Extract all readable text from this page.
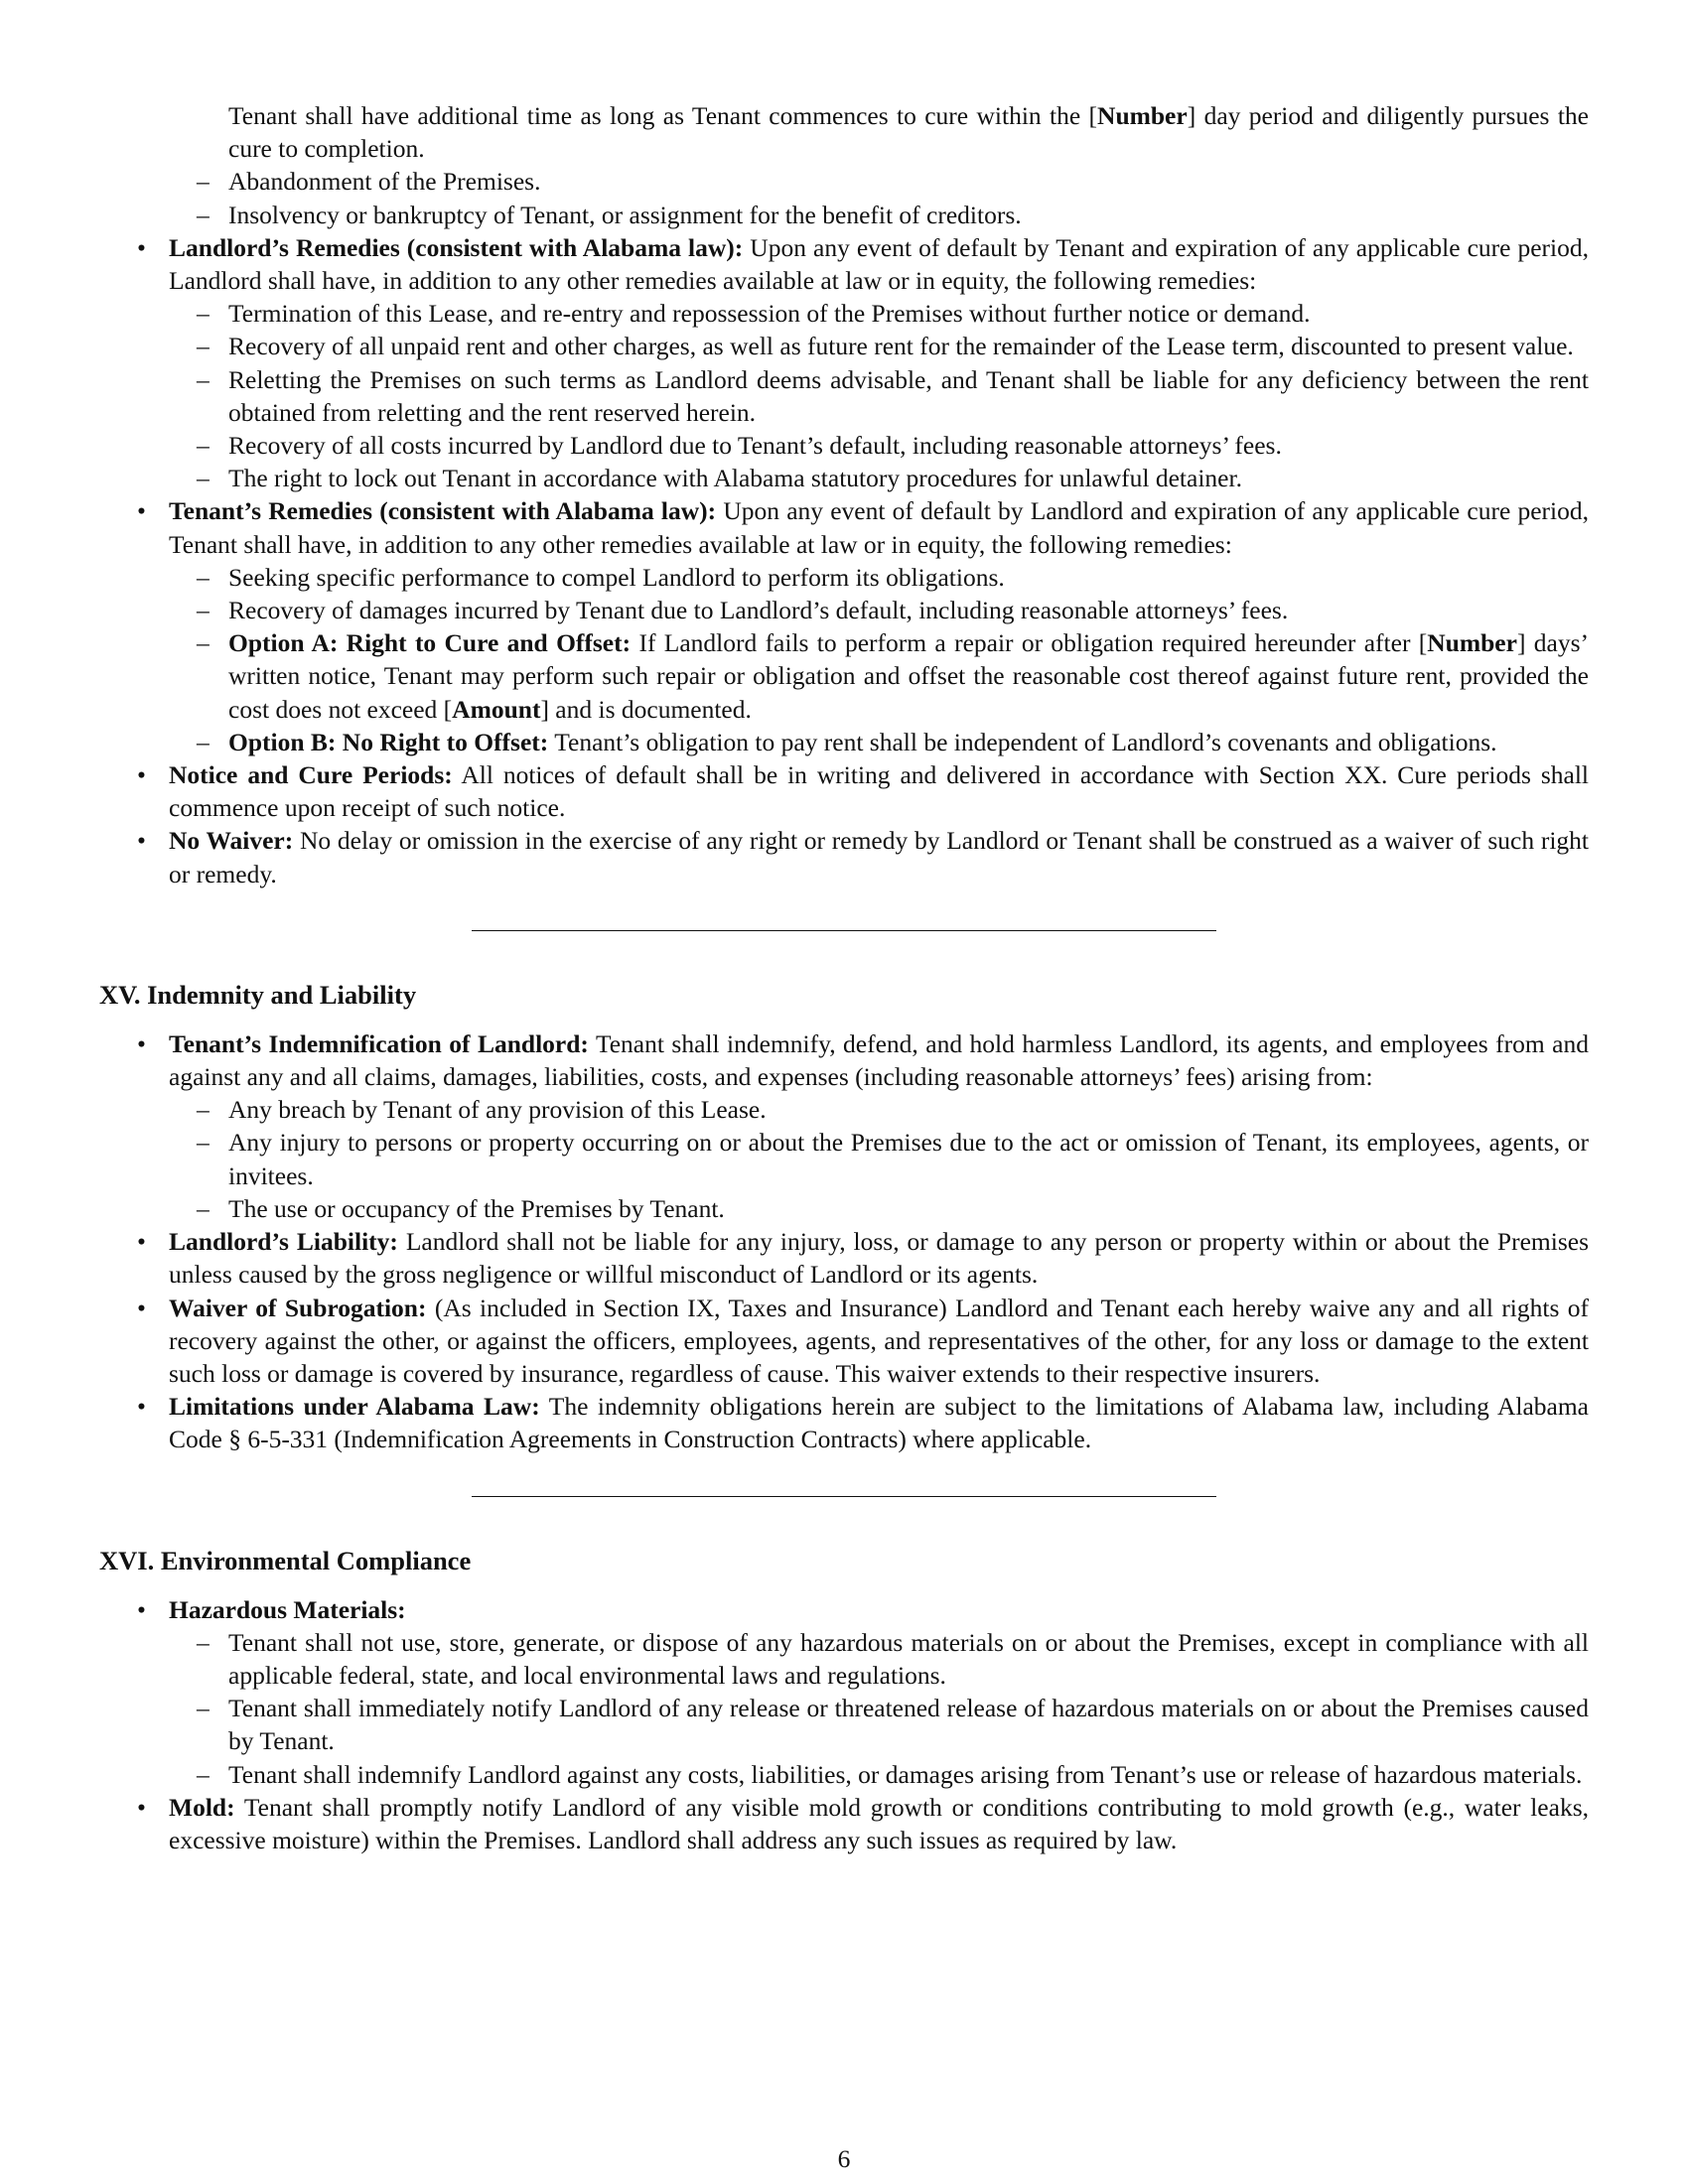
Tenant shall have additional time as long as Tenant commences to cure within the [Number] day period and diligently pursues the cure to completion.

– Abandonment of the Premises.
– Insolvency or bankruptcy of Tenant, or assignment for the benefit of creditors.
• Landlord’s Remedies (consistent with Alabama law): Upon any event of default by Tenant and expiration of any applicable cure period, Landlord shall have, in addition to any other remedies available at law or in equity, the following remedies:
– Termination of this Lease, and re-entry and repossession of the Premises without further notice or demand.
– Recovery of all unpaid rent and other charges, as well as future rent for the remainder of the Lease term, discounted to present value.
– Reletting the Premises on such terms as Landlord deems advisable, and Tenant shall be liable for any deficiency between the rent obtained from reletting and the rent reserved herein.
– Recovery of all costs incurred by Landlord due to Tenant’s default, including reasonable attorneys’ fees.
– The right to lock out Tenant in accordance with Alabama statutory procedures for unlawful detainer.
• Tenant’s Remedies (consistent with Alabama law): Upon any event of default by Landlord and expiration of any applicable cure period, Tenant shall have, in addition to any other remedies available at law or in equity, the following remedies:
– Seeking specific performance to compel Landlord to perform its obligations.
– Recovery of damages incurred by Tenant due to Landlord’s default, including reasonable attorneys’ fees.
– Option A: Right to Cure and Offset: If Landlord fails to perform a repair or obligation required hereunder after [Number] days’ written notice, Tenant may perform such repair or obligation and offset the reasonable cost thereof against future rent, provided the cost does not exceed [Amount] and is documented.
– Option B: No Right to Offset: Tenant’s obligation to pay rent shall be independent of Landlord’s covenants and obligations.
• Notice and Cure Periods: All notices of default shall be in writing and delivered in accordance with Section XX. Cure periods shall commence upon receipt of such notice.
• No Waiver: No delay or omission in the exercise of any right or remedy by Landlord or Tenant shall be construed as a waiver of such right or remedy.
XV. Indemnity and Liability
• Tenant’s Indemnification of Landlord: Tenant shall indemnify, defend, and hold harmless Landlord, its agents, and employees from and against any and all claims, damages, liabilities, costs, and expenses (including reasonable attorneys’ fees) arising from:
– Any breach by Tenant of any provision of this Lease.
– Any injury to persons or property occurring on or about the Premises due to the act or omission of Tenant, its employees, agents, or invitees.
– The use or occupancy of the Premises by Tenant.
• Landlord’s Liability: Landlord shall not be liable for any injury, loss, or damage to any person or property within or about the Premises unless caused by the gross negligence or willful misconduct of Landlord or its agents.
• Waiver of Subrogation: (As included in Section IX, Taxes and Insurance) Landlord and Tenant each hereby waive any and all rights of recovery against the other, or against the officers, employees, agents, and representatives of the other, for any loss or damage to the extent such loss or damage is covered by insurance, regardless of cause. This waiver extends to their respective insurers.
• Limitations under Alabama Law: The indemnity obligations herein are subject to the limitations of Alabama law, including Alabama Code § 6-5-331 (Indemnification Agreements in Construction Contracts) where applicable.
XVI. Environmental Compliance
• Hazardous Materials:
– Tenant shall not use, store, generate, or dispose of any hazardous materials on or about the Premises, except in compliance with all applicable federal, state, and local environmental laws and regulations.
– Tenant shall immediately notify Landlord of any release or threatened release of hazardous materials on or about the Premises caused by Tenant.
– Tenant shall indemnify Landlord against any costs, liabilities, or damages arising from Tenant’s use or release of hazardous materials.
• Mold: Tenant shall promptly notify Landlord of any visible mold growth or conditions contributing to mold growth (e.g., water leaks, excessive moisture) within the Premises. Landlord shall address any such issues as required by law.
6
